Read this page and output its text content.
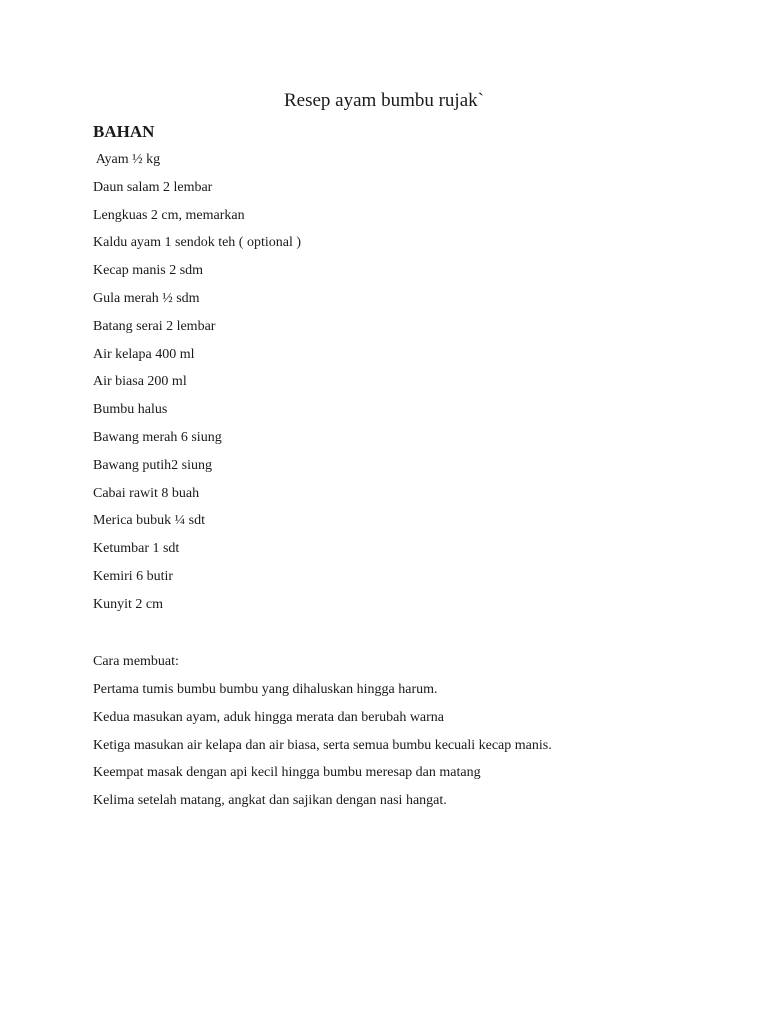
Resep ayam bumbu rujak`
BAHAN
Ayam ½ kg
Daun salam 2 lembar
Lengkuas 2 cm, memarkan
Kaldu ayam 1 sendok teh ( optional )
Kecap manis 2 sdm
Gula merah ½ sdm
Batang serai 2 lembar
Air kelapa 400 ml
Air biasa 200 ml
Bumbu halus
Bawang merah 6 siung
Bawang putih2 siung
Cabai rawit 8 buah
Merica bubuk ¼ sdt
Ketumbar 1 sdt
Kemiri 6 butir
Kunyit 2 cm

Cara membuat:

Pertama tumis bumbu bumbu yang dihaluskan hingga harum.
Kedua masukan ayam, aduk hingga merata dan berubah warna
Ketiga masukan air kelapa dan air biasa, serta semua bumbu kecuali kecap manis.
Keempat masak dengan api kecil hingga bumbu meresap dan matang
Kelima setelah matang, angkat dan sajikan dengan nasi hangat.
